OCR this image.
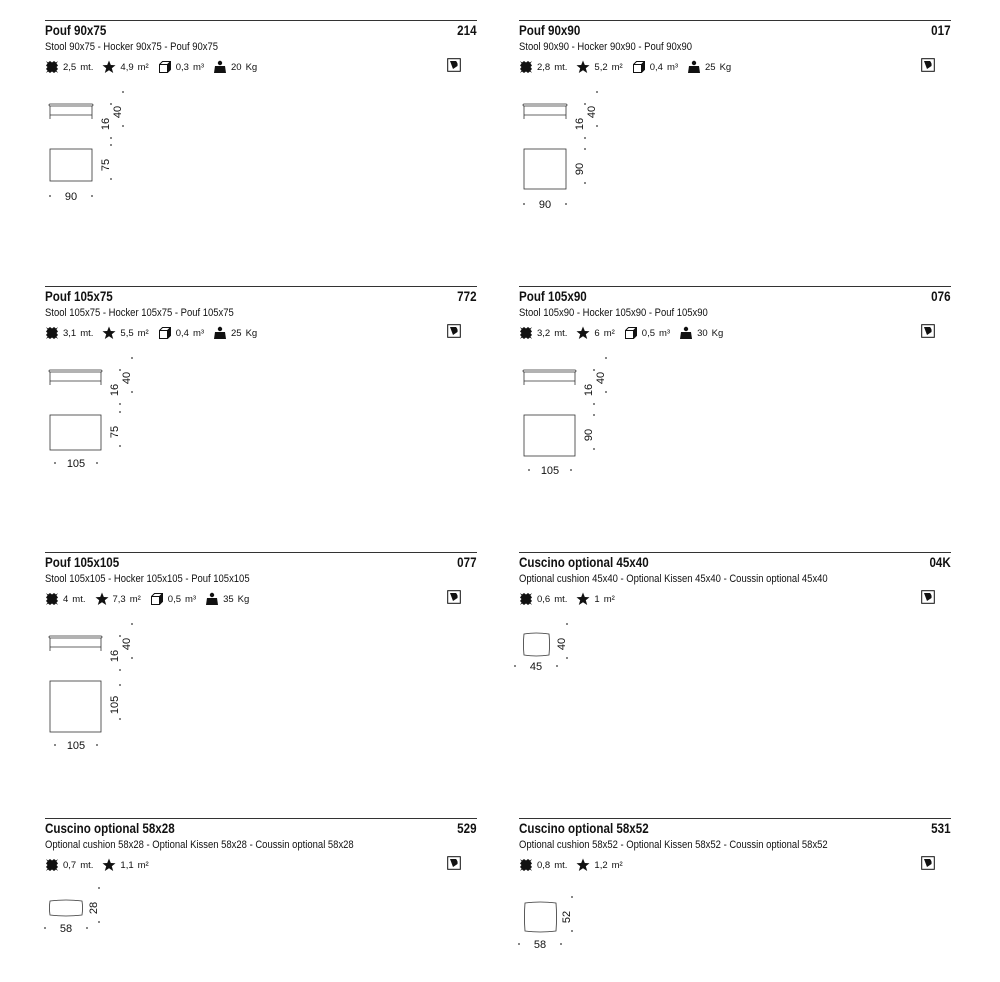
Pouf 90x75	214
Stool 90x75 - Hocker 90x75 - Pouf 90x75
2,5 mt.	4,9 m²	0,3 m³	20 Kg
16
40
90
75
Pouf 90x90	017
Stool 90x90 - Hocker 90x90 - Pouf 90x90
2,8 mt.	5,2 m²	0,4 m³	25 Kg
16
40
90
90
Pouf 105x75	772
Stool 105x75 - Hocker 105x75 - Pouf 105x75
3,1 mt.	5,5 m²	0,4 m³	25 Kg
16
40
105
75
Pouf 105x90	076
Stool 105x90 - Hocker 105x90 - Pouf 105x90
3,2 mt.	6 m²	0,5 m³	30 Kg
16
40
105
90
Pouf 105x105	077
Stool 105x105 - Hocker 105x105 - Pouf 105x105
4 mt.	7,3 m²	0,5 m³	35 Kg
16
40
105
105
Cuscino optional 45x40	04K
Optional cushion 45x40 - Optional Kissen 45x40 - Coussin optional 45x40
0,6 mt.	1 m²
45
40
Cuscino optional 58x28	529
Optional cushion 58x28 - Optional Kissen 58x28 - Coussin optional 58x28
0,7 mt.	1,1 m²
58
28
Cuscino optional 58x52	531
Optional cushion 58x52 - Optional Kissen 58x52 - Coussin optional 58x52
0,8 mt.	1,2 m²
58
52
